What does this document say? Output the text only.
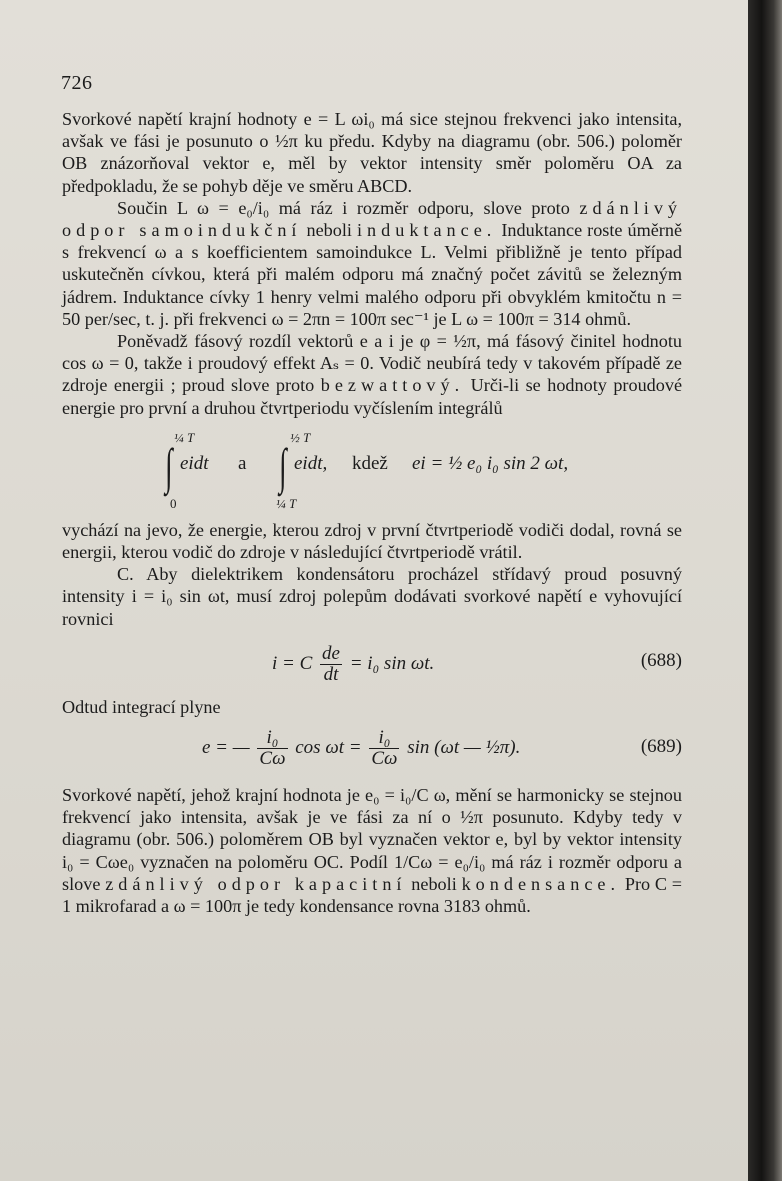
726

Svorkové napětí krajní hodnoty e = L ωi₀ má sice stejnou frekvenci jako intensita, avšak ve fási je posunuto o ½π ku předu. Kdyby na diagramu (obr. 506.) poloměr OB znázorňoval vektor e, měl by vektor intensity směr poloměru OA za předpokladu, že se pohyb děje ve směru ABCD.

Součin L ω = e₀/i₀ má ráz i rozměr odporu, slove proto zdánlivý odpor samoindukční neboli induktance. Induktance roste úměrně s frekvencí ω a s koefficientem samoindukce L. Velmi přibližně je tento případ uskutečněn cívkou, která při malém odporu má značný počet závitů se železným jádrem. Induktance cívky 1 henry velmi malého odporu při obvyklém kmitočtu n = 50 per/sec, t. j. při frekvenci ω = 2πn = 100π sec⁻¹ je L ω = 100π = 314 ohmů.

Poněvadž fásový rozdíl vektorů e a i je φ = ½π, má fásový činitel hodnotu cos ω = 0, takže i proudový effekt Aₛ = 0. Vodič neubírá tedy v takovém případě ze zdroje energii ; proud slove proto bezwattový. Urči-li se hodnoty proudové energie pro první a druhou čtvrtperiodu vyčíslením integrálů

¼ T
∫ eidt
0
a
½ T
∫ eidt,
¼ T
kdež ei = ½ e₀ i₀ sin 2 ωt,

vychází na jevo, že energie, kterou zdroj v první čtvrtperiodě vodiči dodal, rovná se energii, kterou vodič do zdroje v následující čtvrtperiodě vrátil.

C. Aby dielektrikem kondensátoru procházel střídavý proud posuvný intensity i = i₀ sin ωt, musí zdroj polepům dodávati svorkové napětí e vyhovující rovnici

i = C $\frac{de}{dt} = i_0$ sin ωt.	(688)

Odtud integrací plyne

e = — $\frac{\text{i₀}}{C\omega}$ $\cos \omega t = \frac{\text{i₀}}{C\omega}$ sin (ωt — ½π).	(689)

Svorkové napětí, jehož krajní hodnota je e₀ = i₀/C ω, mění se harmonicky se stejnou frekvencí jako intensita, avšak je ve fási za ní o ½π posunuto. Kdyby tedy v diagramu (obr. 506.) poloměrem OB byl vyznačen vektor e, byl by vektor intensity i₀ = Cωe₀ vyznačen na poloměru OC. Podíl 1/Cω = e₀/i₀ má ráz i rozměr odporu a slove zdánlivý odpor kapacitní neboli kondensance. Pro C = 1 mikrofarad a ω = 100π je tedy kondensance rovna 3183 ohmů.
